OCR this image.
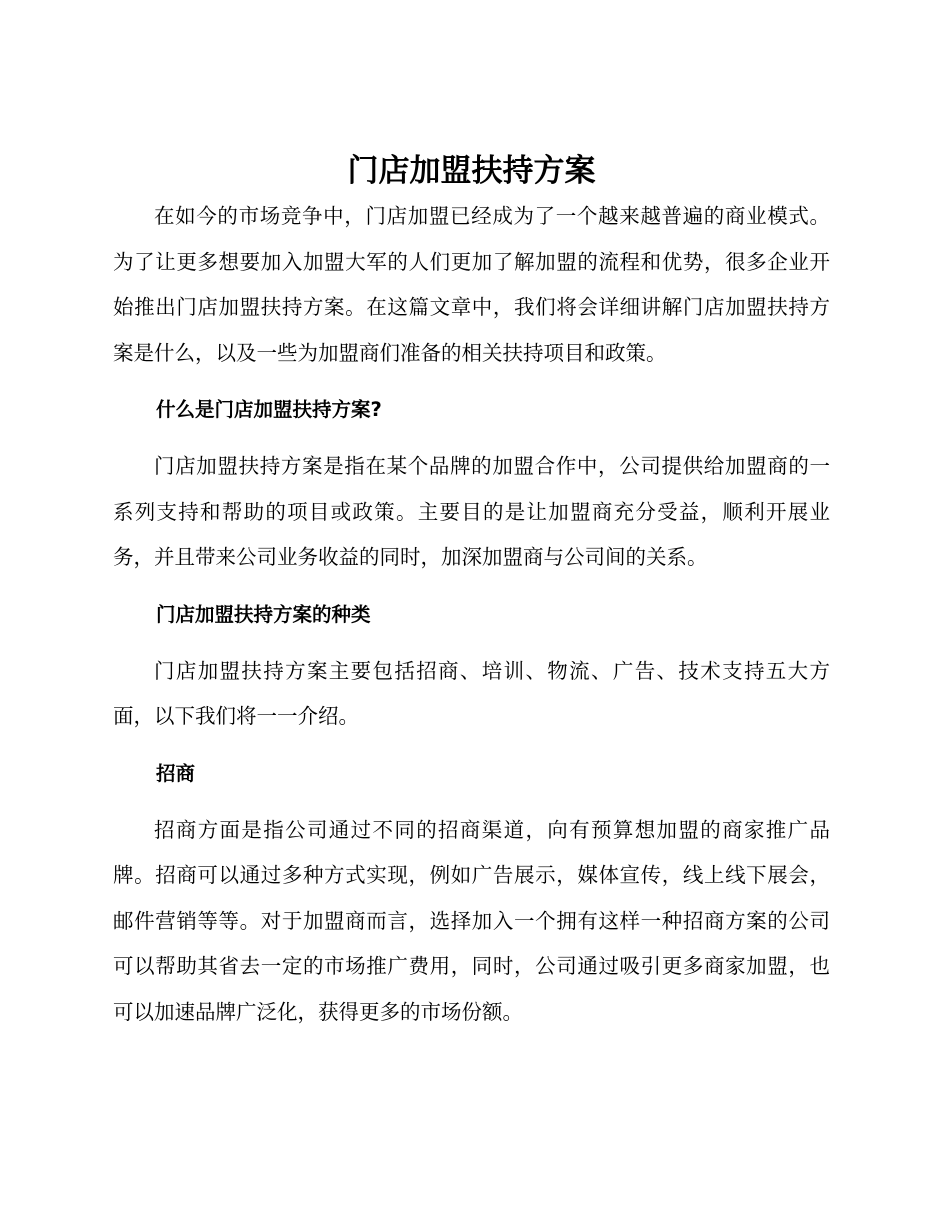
门店加盟扶持方案

在如今的市场竞争中，门店加盟已经成为了一个越来越普遍的商业模式。为了让更多想要加入加盟大军的人们更加了解加盟的流程和优势，很多企业开始推出门店加盟扶持方案。在这篇文章中，我们将会详细讲解门店加盟扶持方案是什么，以及一些为加盟商们准备的相关扶持项目和政策。

什么是门店加盟扶持方案?

门店加盟扶持方案是指在某个品牌的加盟合作中，公司提供给加盟商的一系列支持和帮助的项目或政策。主要目的是让加盟商充分受益，顺利开展业务，并且带来公司业务收益的同时，加深加盟商与公司间的关系。

门店加盟扶持方案的种类

门店加盟扶持方案主要包括招商、培训、物流、广告、技术支持五大方面，以下我们将一一介绍。

招商

招商方面是指公司通过不同的招商渠道，向有预算想加盟的商家推广品牌。招商可以通过多种方式实现，例如广告展示，媒体宣传，线上线下展会，邮件营销等等。对于加盟商而言，选择加入一个拥有这样一种招商方案的公司可以帮助其省去一定的市场推广费用，同时，公司通过吸引更多商家加盟，也可以加速品牌广泛化，获得更多的市场份额。
